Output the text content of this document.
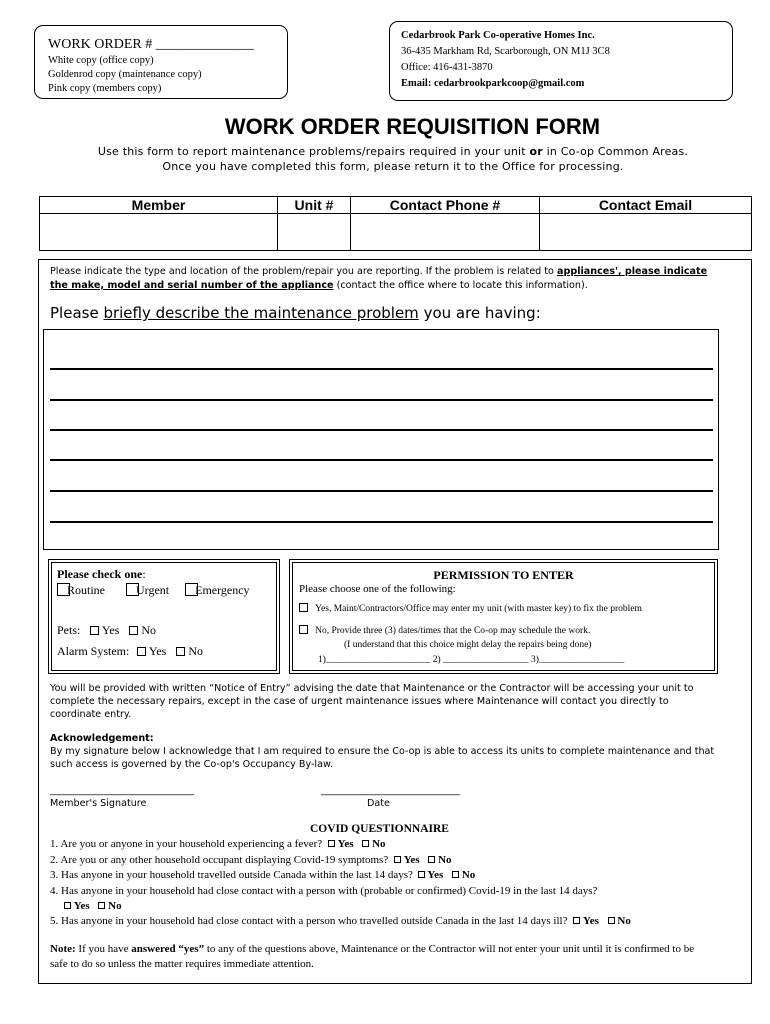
WORK ORDER # ______________
White copy (office copy)
Goldenrod copy (maintenance copy)
Pink copy (members copy)
Cedarbrook Park Co-operative Homes Inc.
36-435 Markham Rd, Scarborough, ON M1J 3C8
Office: 416-431-3870
Email: cedarbrookparkcoop@gmail.com
WORK ORDER REQUISITION FORM
Use this form to report maintenance problems/repairs required in your unit or in Co-op Common Areas.
Once you have completed this form, please return it to the Office for processing.
Member	Unit #	Contact Phone #	Contact Email

Please indicate the type and location of the problem/repair you are reporting. If the problem is related to appliances', please indicate the make, model and serial number of the appliance (contact the office where to locate this information).
Please briefly describe the maintenance problem you are having:
Please check one:
Routine	Urgent Emergency
Pets: Yes No
Alarm System: Yes No
PERMISSION TO ENTER
Please choose one of the following:
Yes, Maint/Contractors/Office may enter my unit (with master key) to fix the problem
No, Provide three (3) dates/times that the Co-op may schedule the work.
(I understand that this choice might delay the repairs being done)
1)______________________ 2) __________________ 3)__________________
You will be provided with written “Notice of Entry” advising the date that Maintenance or the Contractor will be accessing your unit to complete the necessary repairs, except in the case of urgent maintenance issues where Maintenance will contact you directly to coordinate entry.
Acknowledgement:
By my signature below I acknowledge that I am required to ensure the Co-op is able to access its units to complete maintenance and that such access is governed by the Co-op's Occupancy By-law.
______________________________	_____________________________
Member's Signature	Date
COVID QUESTIONNAIRE
1. Are you or anyone in your household experiencing a fever? Yes No
2. Are you or any other household occupant displaying Covid-19 symptoms? Yes No
3. Has anyone in your household travelled outside Canada within the last 14 days? Yes No
4. Has anyone in your household had close contact with a person with (probable or confirmed) Covid-19 in the last 14 days?
Yes No
5. Has anyone in your household had close contact with a person who travelled outside Canada in the last 14 days ill? Yes No
Note: If you have answered “yes” to any of the questions above, Maintenance or the Contractor will not enter your unit until it is confirmed to be safe to do so unless the matter requires immediate attention.
